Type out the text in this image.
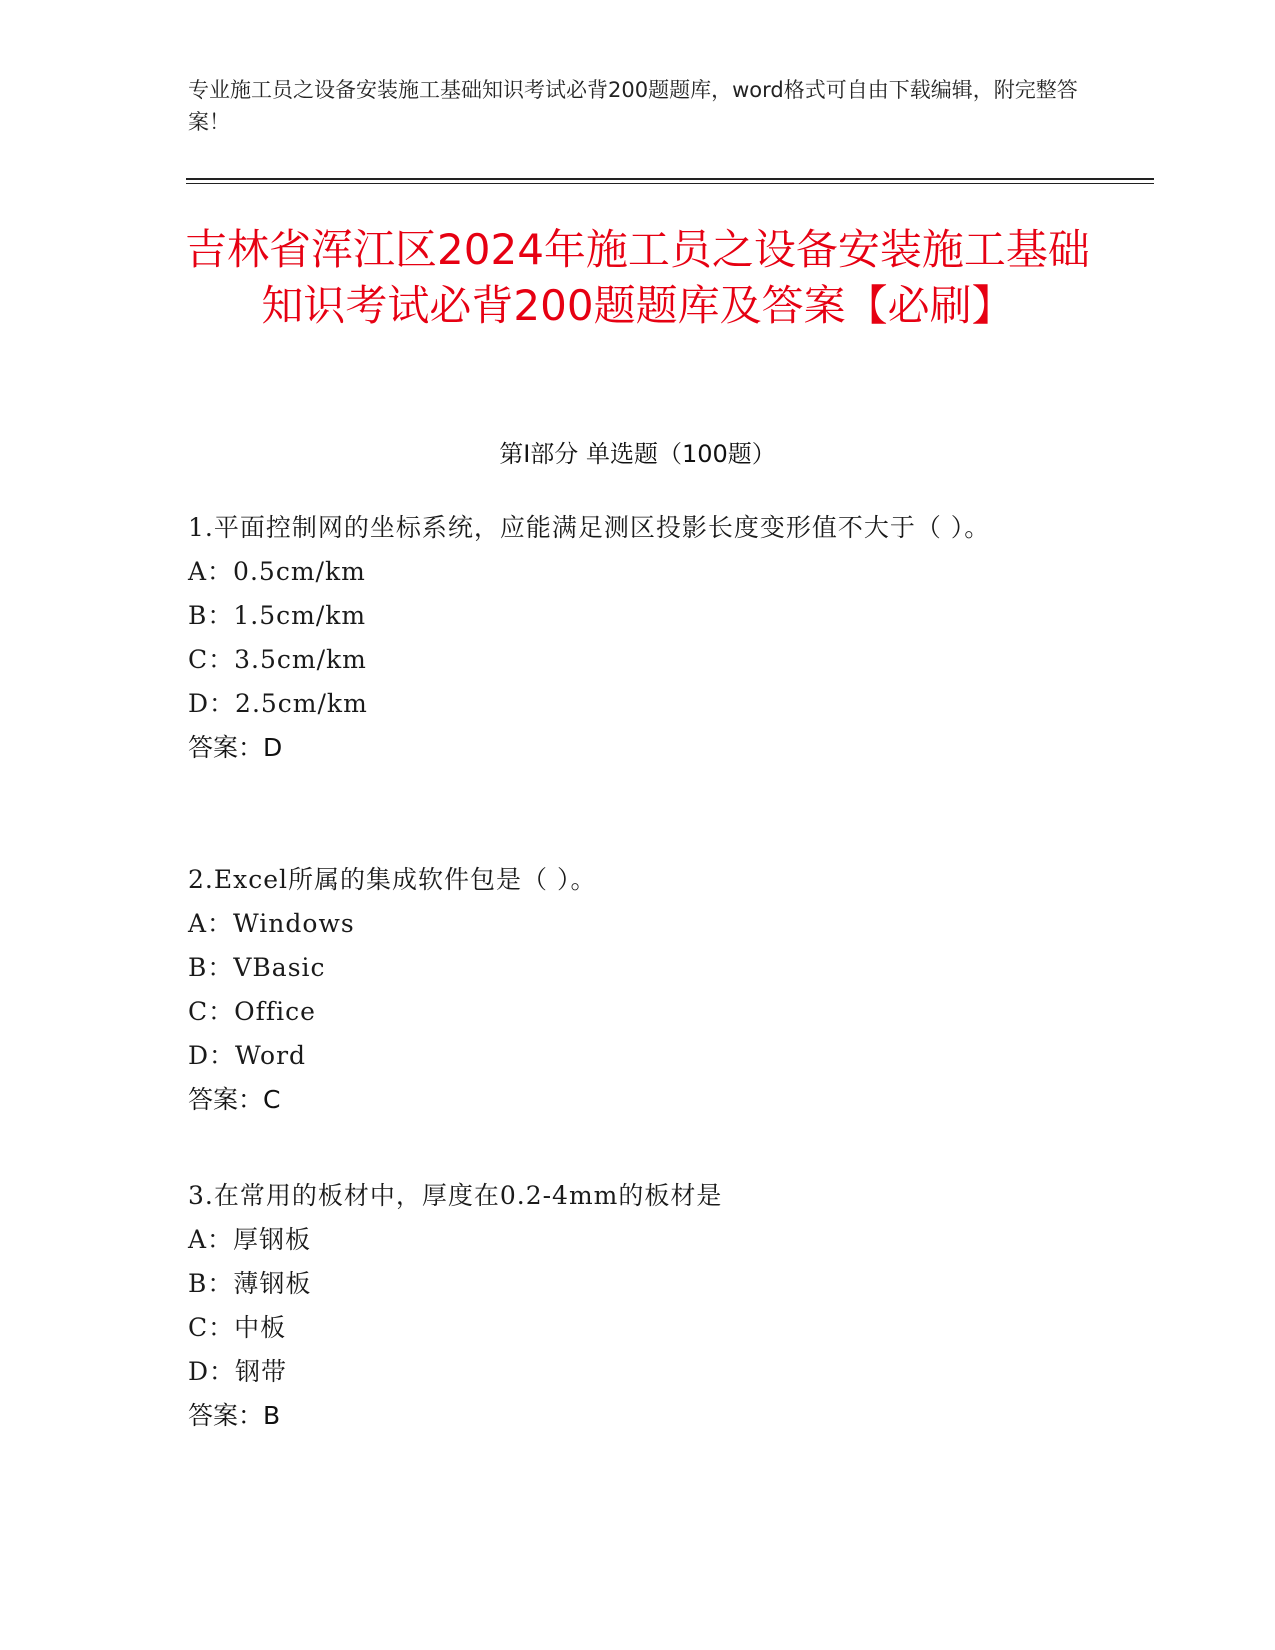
专业施工员之设备安装施工基础知识考试必背200题题库，word格式可自由下载编辑，附完整答案！
吉林省浑江区2024年施工员之设备安装施工基础知识考试必背200题题库及答案【必刷】
第Ⅰ部分 单选题（100题）

1.平面控制网的坐标系统，应能满足测区投影长度变形值不大于（ ）。

A：0.5cm/km

B：1.5cm/km

C：3.5cm/km

D：2.5cm/km

答案：D

2.Excel所属的集成软件包是（ ）。

A：Windows

B：VBasic

C：Office

D：Word

答案：C

3.在常用的板材中，厚度在0.2-4mm的板材是

A：厚钢板

B：薄钢板

C：中板

D：钢带

答案：B
